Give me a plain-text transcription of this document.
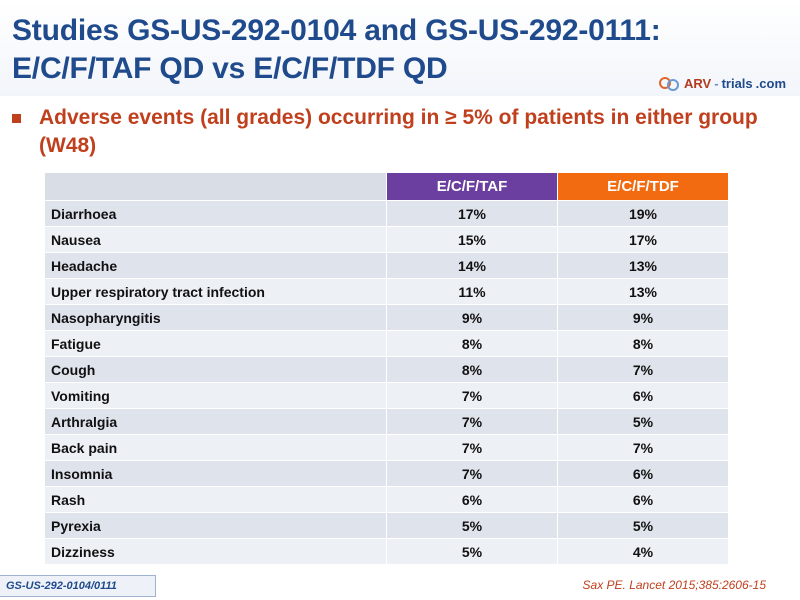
Studies GS-US-292-0104 and GS-US-292-0111:
E/C/F/TAF QD vs E/C/F/TDF QD	ARV - trials .com
Adverse events (all grades) occurring in ≥ 5% of patients in either group (W48)
	E/C/F/TAF	E/C/F/TDF
Diarrhoea	17%	19%
Nausea	15%	17%
Headache	14%	13%
Upper respiratory tract infection	11%	13%
Nasopharyngitis	9%	9%
Fatigue	8%	8%
Cough	8%	7%
Vomiting	7%	6%
Arthralgia	7%	5%
Back pain	7%	7%
Insomnia	7%	6%
Rash	6%	6%
Pyrexia	5%	5%
Dizziness	5%	4%
GS-US-292-0104/0111	Sax PE. Lancet 2015;385:2606-15
